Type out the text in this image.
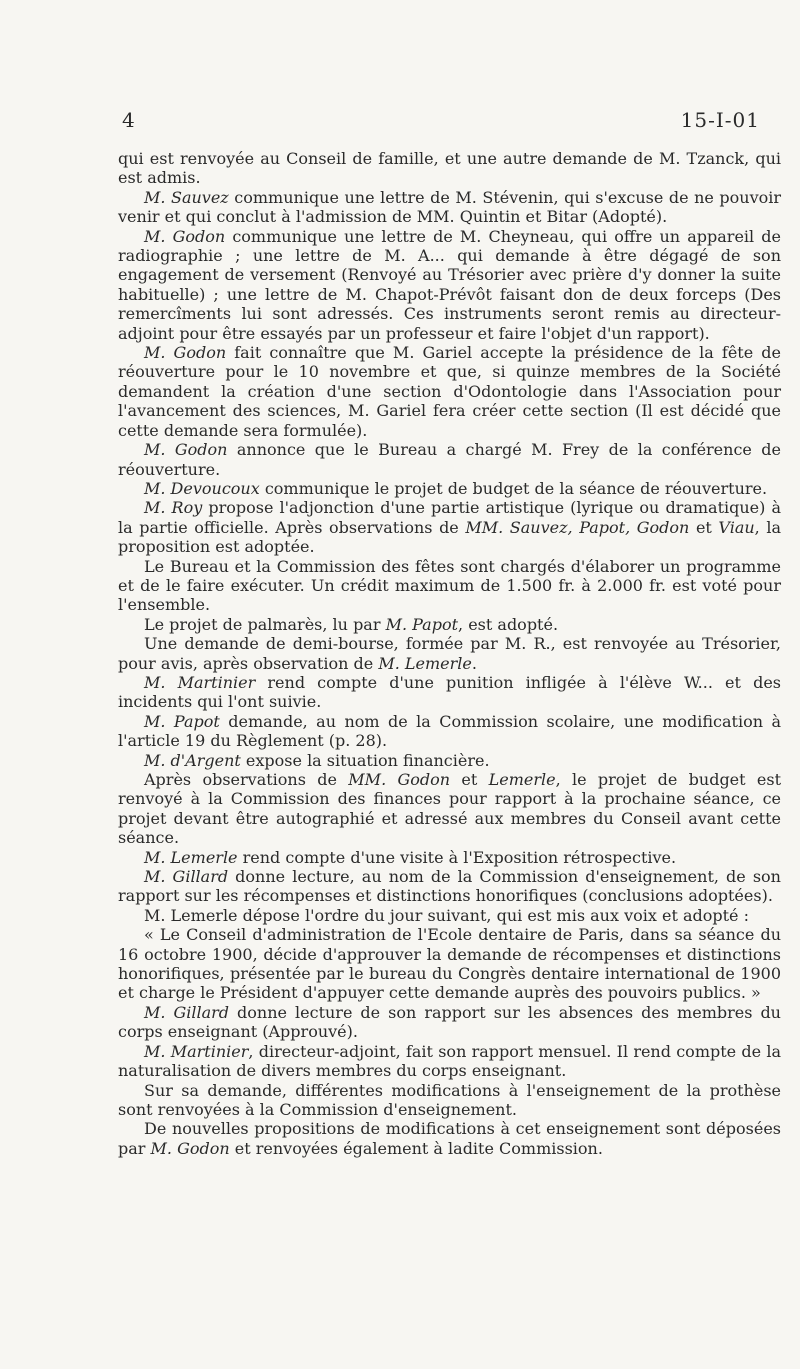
4	15-I-01

qui est renvoyée au Conseil de famille, et une autre demande de M. Tzanck, qui est admis.

M. Sauvez communique une lettre de M. Stévenin, qui s'excuse de ne pouvoir venir et qui conclut à l'admission de MM. Quintin et Bitar (Adopté).

M. Godon communique une lettre de M. Cheyneau, qui offre un appareil de radiographie ; une lettre de M. A... qui demande à être dégagé de son engagement de versement (Renvoyé au Trésorier avec prière d'y donner la suite habituelle) ; une lettre de M. Chapot-Prévôt faisant don de deux forceps (Des remercîments lui sont adressés. Ces instruments seront remis au directeur-adjoint pour être essayés par un professeur et faire l'objet d'un rapport).

M. Godon fait connaître que M. Gariel accepte la présidence de la fête de réouverture pour le 10 novembre et que, si quinze membres de la Société demandent la création d'une section d'Odontologie dans l'Association pour l'avancement des sciences, M. Gariel fera créer cette section (Il est décidé que cette demande sera formulée).

M. Godon annonce que le Bureau a chargé M. Frey de la conférence de réouverture.

M. Devoucoux communique le projet de budget de la séance de réouverture.

M. Roy propose l'adjonction d'une partie artistique (lyrique ou dramatique) à la partie officielle. Après observations de MM. Sauvez, Papot, Godon et Viau, la proposition est adoptée.

Le Bureau et la Commission des fêtes sont chargés d'élaborer un programme et de le faire exécuter. Un crédit maximum de 1.500 fr. à 2.000 fr. est voté pour l'ensemble.

Le projet de palmarès, lu par M. Papot, est adopté.

Une demande de demi-bourse, formée par M. R., est renvoyée au Trésorier, pour avis, après observation de M. Lemerle.

M. Martinier rend compte d'une punition infligée à l'élève W... et des incidents qui l'ont suivie.

M. Papot demande, au nom de la Commission scolaire, une modification à l'article 19 du Règlement (p. 28).

M. d'Argent expose la situation financière.

Après observations de MM. Godon et Lemerle, le projet de budget est renvoyé à la Commission des finances pour rapport à la prochaine séance, ce projet devant être autographié et adressé aux membres du Conseil avant cette séance.

M. Lemerle rend compte d'une visite à l'Exposition rétrospective.

M. Gillard donne lecture, au nom de la Commission d'enseignement, de son rapport sur les récompenses et distinctions honorifiques (conclusions adoptées).

M. Lemerle dépose l'ordre du jour suivant, qui est mis aux voix et adopté :

« Le Conseil d'administration de l'Ecole dentaire de Paris, dans sa séance du 16 octobre 1900, décide d'approuver la demande de récompenses et distinctions honorifiques, présentée par le bureau du Congrès dentaire international de 1900 et charge le Président d'appuyer cette demande auprès des pouvoirs publics. »

M. Gillard donne lecture de son rapport sur les absences des membres du corps enseignant (Approuvé).

M. Martinier, directeur-adjoint, fait son rapport mensuel. Il rend compte de la naturalisation de divers membres du corps enseignant.

Sur sa demande, différentes modifications à l'enseignement de la prothèse sont renvoyées à la Commission d'enseignement.

De nouvelles propositions de modifications à cet enseignement sont déposées par M. Godon et renvoyées également à ladite Commission.
